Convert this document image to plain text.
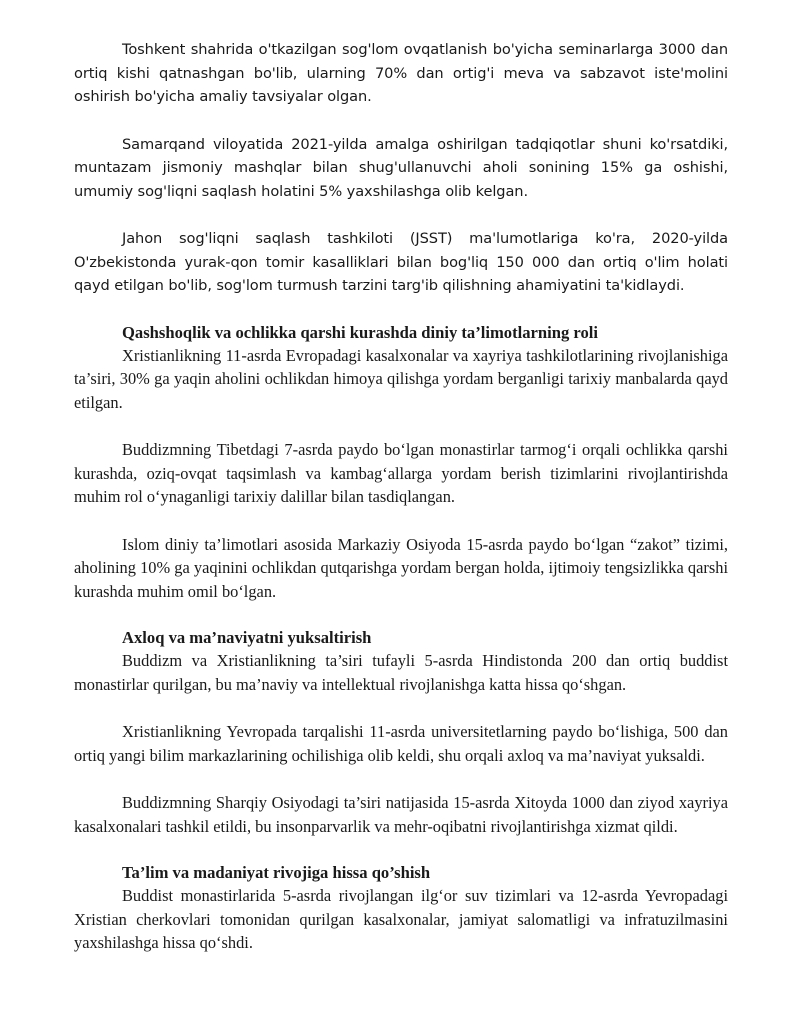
Toshkent shahrida o'tkazilgan sog'lom ovqatlanish bo'yicha seminarlarga 3000 dan ortiq kishi qatnashgan bo'lib, ularning 70% dan ortig'i meva va sabzavot iste'molini oshirish bo'yicha amaliy tavsiyalar olgan.

Samarqand viloyatida 2021-yilda amalga oshirilgan tadqiqotlar shuni ko'rsatdiki, muntazam jismoniy mashqlar bilan shug'ullanuvchi aholi sonining 15% ga oshishi, umumiy sog'liqni saqlash holatini 5% yaxshilashga olib kelgan.

Jahon sog'liqni saqlash tashkiloti (JSST) ma'lumotlariga ko'ra, 2020-yilda O'zbekistonda yurak-qon tomir kasalliklari bilan bog'liq 150 000 dan ortiq o'lim holati qayd etilgan bo'lib, sog'lom turmush tarzini targ'ib qilishning ahamiyatini ta'kidlaydi.

Qashshoqlik va ochlikka qarshi kurashda diniy ta’limotlarning roli

Xristianlikning 11-asrda Evropadagi kasalxonalar va xayriya tashkilotlarining rivojlanishiga ta’siri, 30% ga yaqin aholini ochlikdan himoya qilishga yordam berganligi tarixiy manbalarda qayd etilgan.

Buddizmning Tibetdagi 7-asrda paydo bo‘lgan monastirlar tarmog‘i orqali ochlikka qarshi kurashda, oziq-ovqat taqsimlash va kambag‘allarga yordam berish tizimlarini rivojlantirishda muhim rol o‘ynaganligi tarixiy dalillar bilan tasdiqlangan.

Islom diniy ta’limotlari asosida Markaziy Osiyoda 15-asrda paydo bo‘lgan “zakot” tizimi, aholining 10% ga yaqinini ochlikdan qutqarishga yordam bergan holda, ijtimoiy tengsizlikka qarshi kurashda muhim omil bo‘lgan.

Axloq va ma’naviyatni yuksaltirish

Buddizm va Xristianlikning ta’siri tufayli 5-asrda Hindistonda 200 dan ortiq buddist monastirlar qurilgan, bu ma’naviy va intellektual rivojlanishga katta hissa qo‘shgan.

Xristianlikning Yevropada tarqalishi 11-asrda universitetlarning paydo bo‘lishiga, 500 dan ortiq yangi bilim markazlarining ochilishiga olib keldi, shu orqali axloq va ma’naviyat yuksaldi.

Buddizmning Sharqiy Osiyodagi ta’siri natijasida 15-asrda Xitoyda 1000 dan ziyod xayriya kasalxonalari tashkil etildi, bu insonparvarlik va mehr-oqibatni rivojlantirishga xizmat qildi.

Ta’lim va madaniyat rivojiga hissa qo’shish

Buddist monastirlarida 5-asrda rivojlangan ilg‘or suv tizimlari va 12-asrda Yevropadagi Xristian cherkovlari tomonidan qurilgan kasalxonalar, jamiyat salomatligi va infratuzilmasini yaxshilashga hissa qo‘shdi.
